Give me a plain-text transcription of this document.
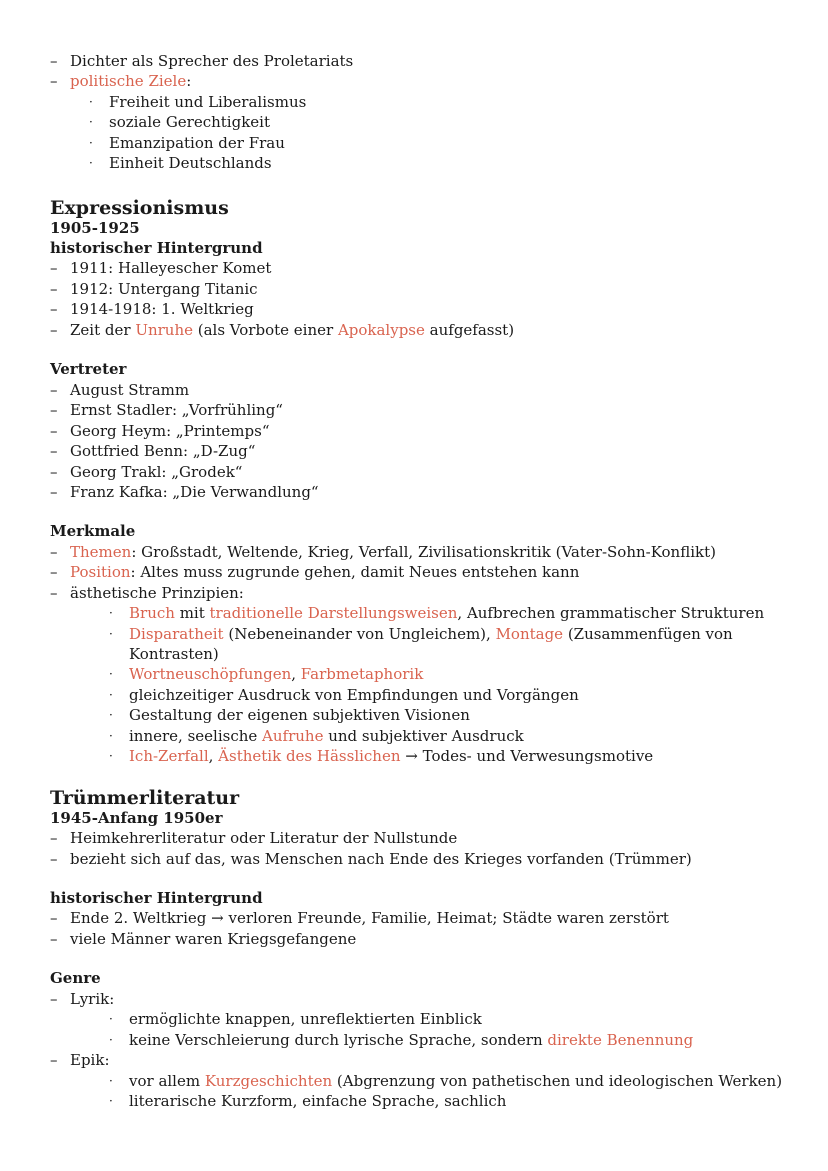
–
Dichter als Sprecher des Proletariats
–
politische Ziele:
· Freiheit und Liberalismus
· soziale Gerechtigkeit
· Emanzipation der Frau
· Einheit Deutschlands
Expressionismus
1905-1925
historischer Hintergrund
–
1911: Halleyescher Komet
–
1912: Untergang Titanic
–
1914-1918: 1. Weltkrieg
–
Zeit der Unruhe (als Vorbote einer Apokalypse aufgefasst)
Vertreter
–
August Stramm
–
Ernst Stadler: „Vorfrühling“
–
Georg Heym: „Printemps“
–
Gottfried Benn: „D-Zug“
–
Georg Trakl: „Grodek“
–
Franz Kafka: „Die Verwandlung“
Merkmale
–
Themen: Großstadt, Weltende, Krieg, Verfall, Zivilisationskritik (Vater-Sohn-Konflikt)
–
Position: Altes muss zugrunde gehen, damit Neues entstehen kann
–
ästhetische Prinzipien:
· Bruch mit traditionelle Darstellungsweisen, Aufbrechen grammatischer Strukturen
· Disparatheit (Nebeneinander von Ungleichem), Montage (Zusammenfügen von
Kontrasten)
· Wortneuschöpfungen, Farbmetaphorik
· gleichzeitiger Ausdruck von Empfindungen und Vorgängen
· Gestaltung der eigenen subjektiven Visionen
· innere, seelische Aufruhe und subjektiver Ausdruck
· Ich-Zerfall, Ästhetik des Hässlichen → Todes- und Verwesungsmotive
Trümmerliteratur
1945-Anfang 1950er
–
Heimkehrerliteratur oder Literatur der Nullstunde
–
bezieht sich auf das, was Menschen nach Ende des Krieges vorfanden (Trümmer)
historischer Hintergrund
–
Ende 2. Weltkrieg → verloren Freunde, Familie, Heimat; Städte waren zerstört
–
viele Männer waren Kriegsgefangene
Genre
–
Lyrik:
· ermöglichte knappen, unreflektierten Einblick
· keine Verschleierung durch lyrische Sprache, sondern direkte Benennung
–
Epik:
· vor allem Kurzgeschichten (Abgrenzung von pathetischen und ideologischen Werken)
· literarische Kurzform, einfache Sprache, sachlich
